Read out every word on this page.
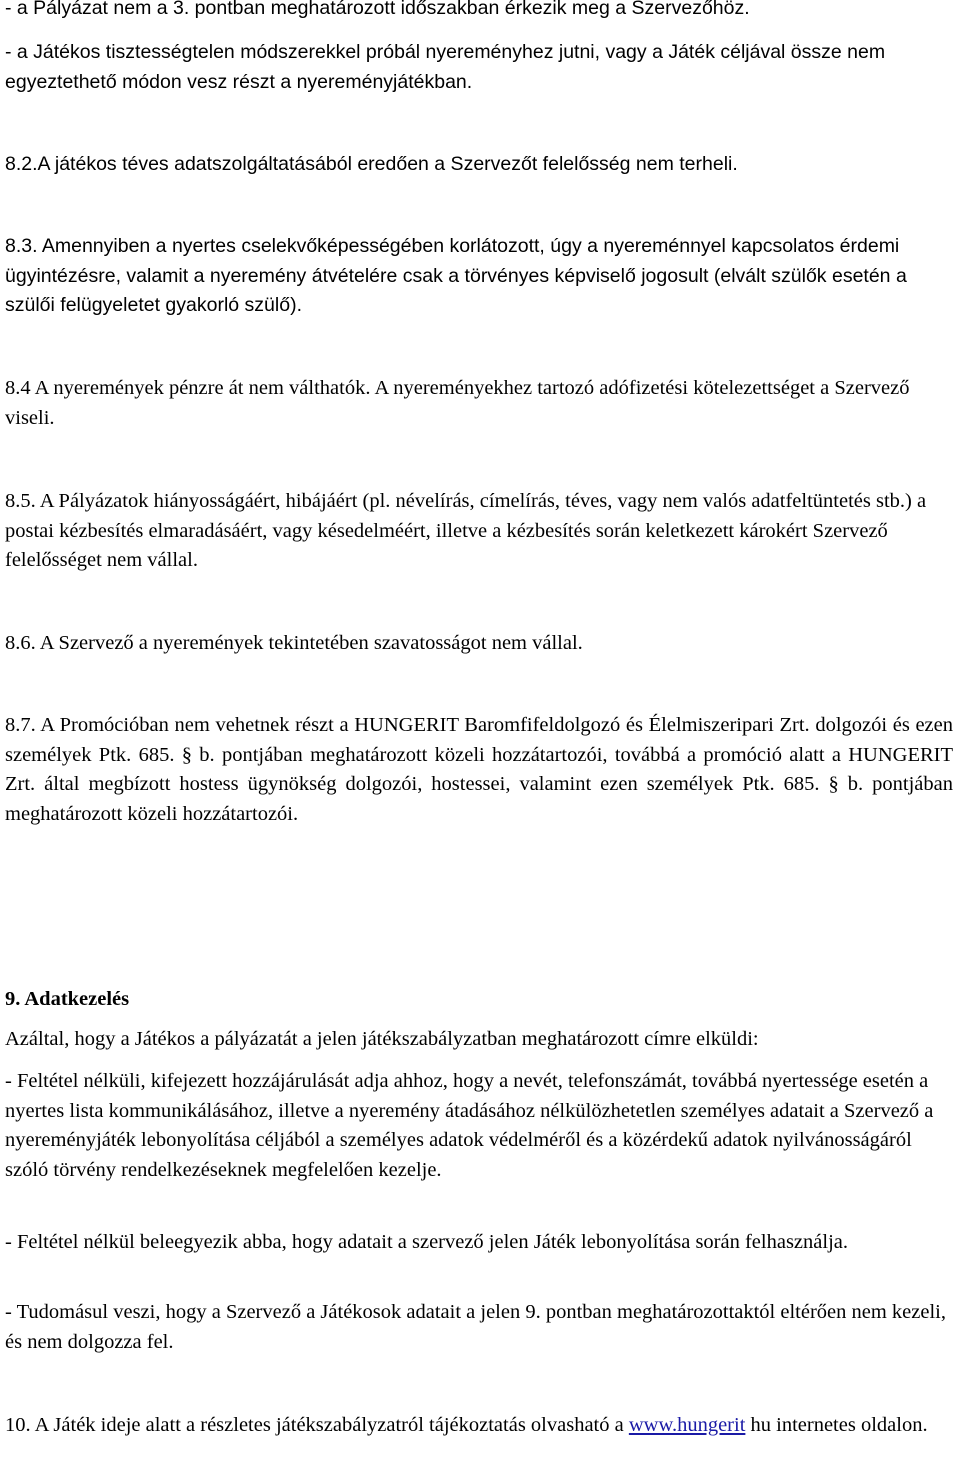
- a Pályázat nem a 3. pontban meghatározott időszakban érkezik meg a Szervezőhöz.

- a Játékos tisztességtelen módszerekkel próbál nyereményhez jutni, vagy a Játék céljával össze nem egyeztethető módon vesz részt a nyereményjátékban.

8.2.A játékos téves adatszolgáltatásából eredően a Szervezőt felelősség nem terheli.

8.3. Amennyiben a nyertes cselekvőképességében korlátozott, úgy a nyereménnyel kapcsolatos érdemi ügyintézésre, valamit a nyeremény átvételére csak a törvényes képviselő jogosult (elvált szülők esetén a szülői felügyeletet gyakorló szülő).

8.4 A nyeremények pénzre át nem válthatók. A nyereményekhez tartozó adófizetési kötelezettséget a Szervező viseli.

8.5. A Pályázatok hiányosságáért, hibájáért (pl. névelírás, címelírás, téves, vagy nem valós adatfeltüntetés stb.) a postai kézbesítés elmaradásáért, vagy késedelméért, illetve a kézbesítés során keletkezett károkért Szervező felelősséget nem vállal.

8.6. A Szervező a nyeremények tekintetében szavatosságot nem vállal.

8.7. A Promócióban nem vehetnek részt a HUNGERIT Baromfifeldolgozó és Élelmiszeripari Zrt. dolgozói és ezen személyek Ptk. 685. § b. pontjában meghatározott közeli hozzátartozói, továbbá a promóció alatt a HUNGERIT Zrt. által megbízott hostess ügynökség dolgozói, hostessei, valamint ezen személyek Ptk. 685. § b. pontjában meghatározott közeli hozzátartozói.

9. Adatkezelés

Azáltal, hogy a Játékos a pályázatát a jelen játékszabályzatban meghatározott címre elküldi:

- Feltétel nélküli, kifejezett hozzájárulását adja ahhoz, hogy a nevét, telefonszámát, továbbá nyertessége esetén a nyertes lista kommunikálásához, illetve a nyeremény átadásához nélkülözhetetlen személyes adatait a Szervező a nyereményjáték lebonyolítása céljából a személyes adatok védelméről és a közérdekű adatok nyilvánosságáról szóló törvény rendelkezéseknek megfelelően kezelje.

- Feltétel nélkül beleegyezik abba, hogy adatait a szervező jelen Játék lebonyolítása során felhasználja.

- Tudomásul veszi, hogy a Szervező a Játékosok adatait a jelen 9. pontban meghatározottaktól eltérően nem kezeli, és nem dolgozza fel.

10. A Játék ideje alatt a részletes játékszabályzatról tájékoztatás olvasható a www.hungerit hu internetes oldalon.
